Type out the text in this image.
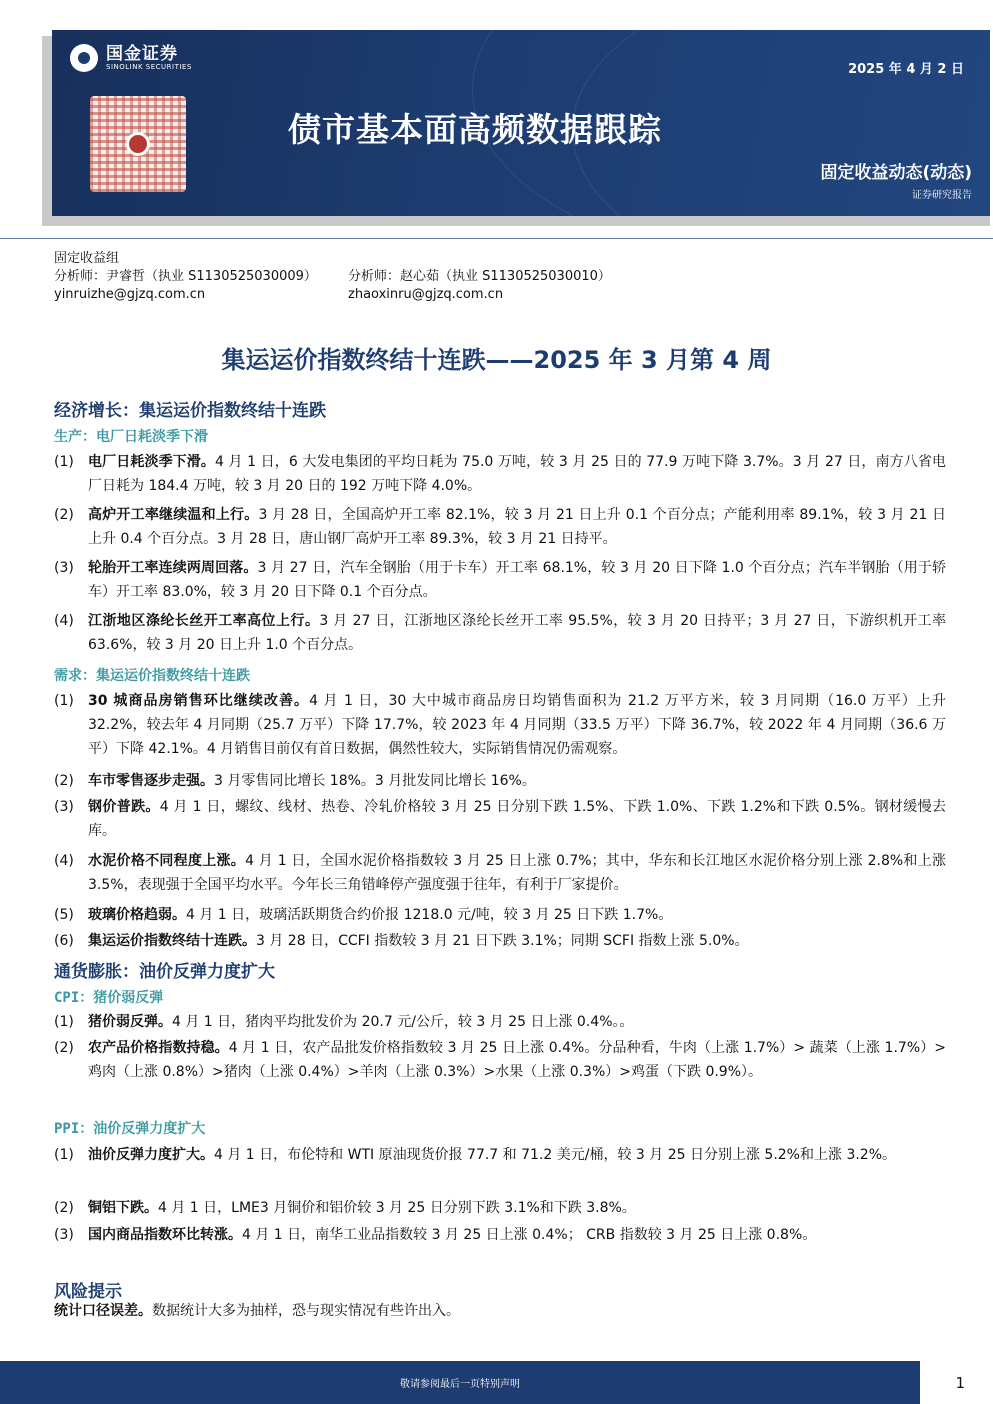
国金证券
SINOLINK SECURITIES	2025 年 4 月 2 日
债市基本面高频数据跟踪
固定收益动态(动态)
证券研究报告
固定收益组
分析师：尹睿哲（执业 S1130525030009） 分析师：赵心茹（执业 S1130525030010）
yinruizhe@gjzq.com.cn	zhaoxinru@gjzq.com.cn
集运运价指数终结十连跌——2025 年 3 月第 4 周
经济增长：集运运价指数终结十连跌
生产：电厂日耗淡季下滑
(1) 电厂日耗淡季下滑。4 月 1 日，6 大发电集团的平均日耗为 75.0 万吨，较 3 月 25 日的 77.9 万吨下降 3.7%。3 月 27 日，南方八省电厂日耗为 184.4 万吨，较 3 月 20 日的 192 万吨下降 4.0%。
(2) 高炉开工率继续温和上行。3 月 28 日，全国高炉开工率 82.1%，较 3 月 21 日上升 0.1 个百分点；产能利用率 89.1%，较 3 月 21 日上升 0.4 个百分点。3 月 28 日，唐山钢厂高炉开工率 89.3%，较 3 月 21 日持平。
(3) 轮胎开工率连续两周回落。3 月 27 日，汽车全钢胎（用于卡车）开工率 68.1%，较 3 月 20 日下降 1.0 个百分点；汽车半钢胎（用于轿车）开工率 83.0%，较 3 月 20 日下降 0.1 个百分点。
(4) 江浙地区涤纶长丝开工率高位上行。3 月 27 日，江浙地区涤纶长丝开工率 95.5%，较 3 月 20 日持平；3 月 27 日，下游织机开工率 63.6%，较 3 月 20 日上升 1.0 个百分点。
需求：集运运价指数终结十连跌
(1) 30 城商品房销售环比继续改善。4 月 1 日，30 大中城市商品房日均销售面积为 21.2 万平方米，较 3 月同期（16.0 万平）上升 32.2%，较去年 4 月同期（25.7 万平）下降 17.7%，较 2023 年 4 月同期（33.5 万平）下降 36.7%，较 2022 年 4 月同期（36.6 万平）下降 42.1%。4 月销售目前仅有首日数据，偶然性较大，实际销售情况仍需观察。
(2) 车市零售逐步走强。3 月零售同比增长 18%。3 月批发同比增长 16%。
(3) 钢价普跌。4 月 1 日，螺纹、线材、热卷、冷轧价格较 3 月 25 日分别下跌 1.5%、下跌 1.0%、下跌 1.2%和下跌 0.5%。钢材缓慢去库。
(4) 水泥价格不同程度上涨。4 月 1 日，全国水泥价格指数较 3 月 25 日上涨 0.7%；其中，华东和长江地区水泥价格分别上涨 2.8%和上涨 3.5%，表现强于全国平均水平。今年长三角错峰停产强度强于往年，有利于厂家提价。
(5) 玻璃价格趋弱。4 月 1 日，玻璃活跃期货合约价报 1218.0 元/吨，较 3 月 25 日下跌 1.7%。
(6) 集运运价指数终结十连跌。3 月 28 日，CCFI 指数较 3 月 21 日下跌 3.1%；同期 SCFI 指数上涨 5.0%。
通货膨胀：油价反弹力度扩大
CPI：猪价弱反弹
(1) 猪价弱反弹。4 月 1 日，猪肉平均批发价为 20.7 元/公斤，较 3 月 25 日上涨 0.4%。。
(2) 农产品价格指数持稳。4 月 1 日，农产品批发价格指数较 3 月 25 日上涨 0.4%。分品种看，牛肉（上涨 1.7%）> 蔬菜（上涨 1.7%）>鸡肉（上涨 0.8%）>猪肉（上涨 0.4%）>羊肉（上涨 0.3%）>水果（上涨 0.3%）>鸡蛋（下跌 0.9%）。
PPI：油价反弹力度扩大
(1) 油价反弹力度扩大。4 月 1 日，布伦特和 WTI 原油现货价报 77.7 和 71.2 美元/桶，较 3 月 25 日分别上涨 5.2%和上涨 3.2%。
(2) 铜铝下跌。4 月 1 日，LME3 月铜价和铝价较 3 月 25 日分别下跌 3.1%和下跌 3.8%。
(3) 国内商品指数环比转涨。4 月 1 日，南华工业品指数较 3 月 25 日上涨 0.4%； CRB 指数较 3 月 25 日上涨 0.8%。
风险提示
统计口径误差。数据统计大多为抽样，恐与现实情况有些许出入。
敬请参阅最后一页特别声明	1
